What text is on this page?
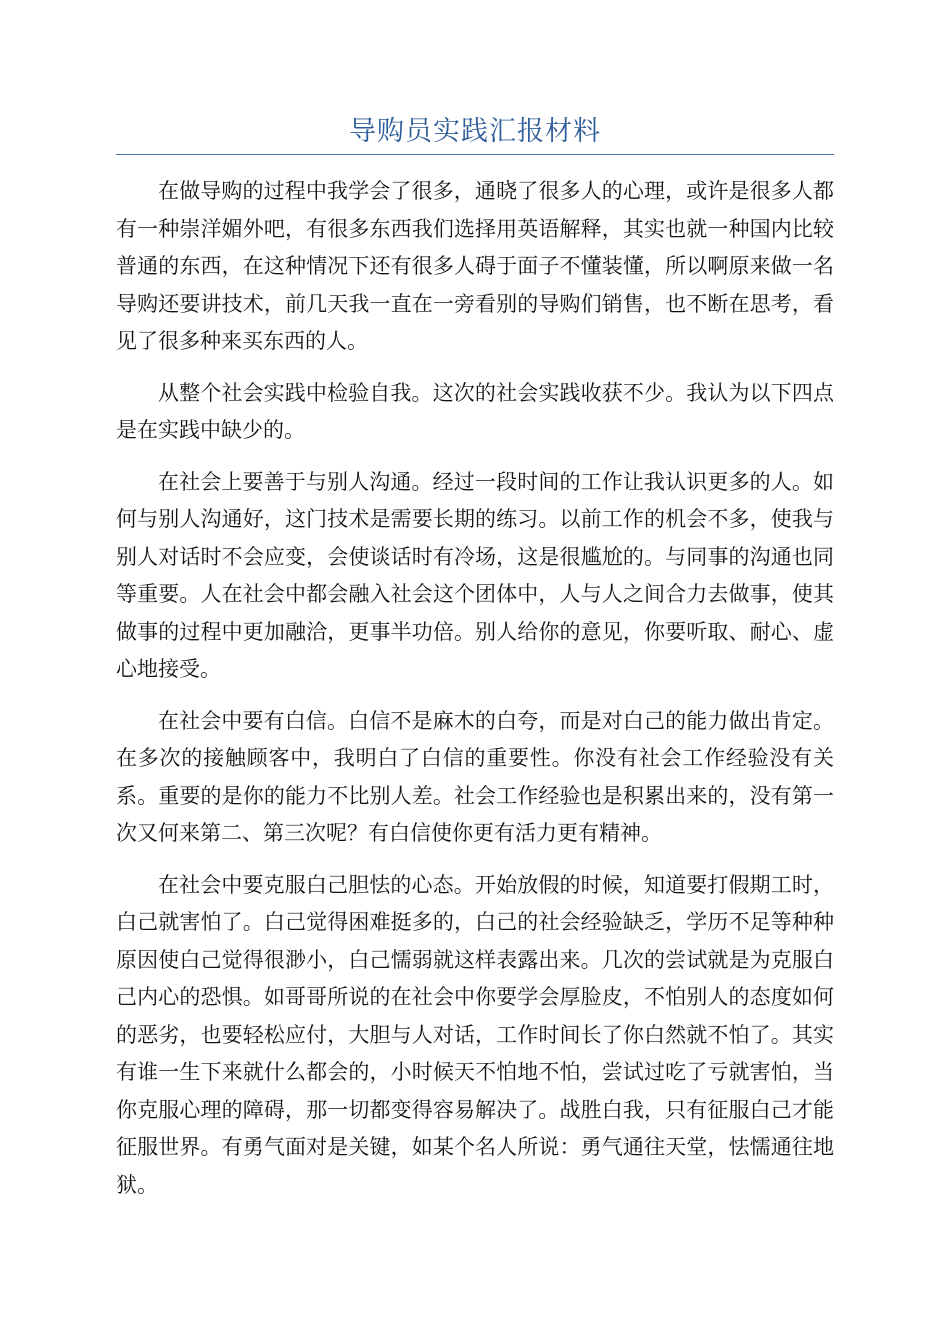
导购员实践汇报材料

在做导购的过程中我学会了很多，通晓了很多人的心理，或许是很多人都有一种崇洋媚外吧，有很多东西我们选择用英语解释，其实也就一种国内比较普通的东西，在这种情况下还有很多人碍于面子不懂装懂，所以啊原来做一名导购还要讲技术，前几天我一直在一旁看别的导购们销售，也不断在思考，看见了很多种来买东西的人。

从整个社会实践中检验自我。这次的社会实践收获不少。我认为以下四点是在实践中缺少的。

在社会上要善于与别人沟通。经过一段时间的工作让我认识更多的人。如何与别人沟通好，这门技术是需要长期的练习。以前工作的机会不多，使我与别人对话时不会应变，会使谈话时有冷场，这是很尴尬的。与同事的沟通也同等重要。人在社会中都会融入社会这个团体中，人与人之间合力去做事，使其做事的过程中更加融洽，更事半功倍。别人给你的意见，你要听取、耐心、虚心地接受。

在社会中要有白信。白信不是麻木的白夸，而是对白己的能力做出肯定。在多次的接触顾客中，我明白了白信的重要性。你没有社会工作经验没有关系。重要的是你的能力不比别人差。社会工作经验也是积累出来的，没有第一次又何来第二、第三次呢？有白信使你更有活力更有精神。

在社会中要克服白己胆怯的心态。开始放假的时候，知道要打假期工时，白己就害怕了。白己觉得困难挺多的，白己的社会经验缺乏，学历不足等种种原因使白己觉得很渺小，白己懦弱就这样表露出来。几次的尝试就是为克服白己内心的恐惧。如哥哥所说的在社会中你要学会厚脸皮，不怕别人的态度如何的恶劣，也要轻松应付，大胆与人对话，工作时间长了你白然就不怕了。其实有谁一生下来就什么都会的，小时候天不怕地不怕，尝试过吃了亏就害怕，当你克服心理的障碍，那一切都变得容易解决了。战胜白我，只有征服白己才能征服世界。有勇气面对是关键，如某个名人所说：勇气通往天堂，怯懦通往地狱。
